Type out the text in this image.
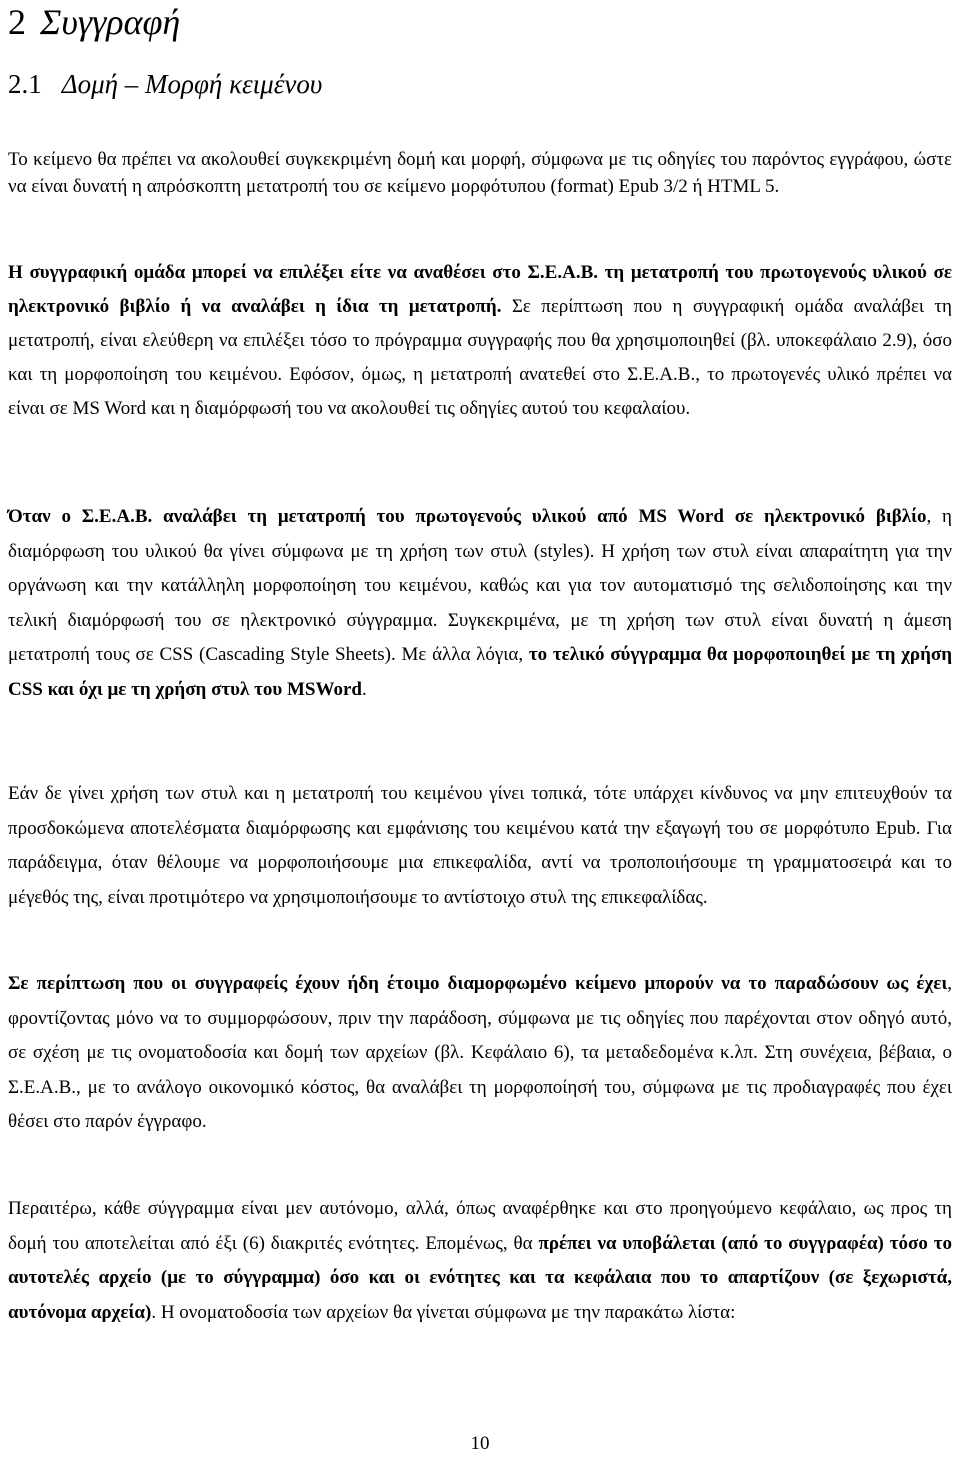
2 Συγγραφή
2.1 Δομή – Μορφή κειμένου

Το κείμενο θα πρέπει να ακολουθεί συγκεκριμένη δομή και μορφή, σύμφωνα με τις οδηγίες του παρόντος εγγράφου, ώστε να είναι δυνατή η απρόσκοπτη μετατροπή του σε κείμενο μορφότυπου (format) Epub 3/2 ή HTML 5.

Η συγγραφική ομάδα μπορεί να επιλέξει είτε να αναθέσει στο Σ.Ε.Α.Β. τη μετατροπή του πρωτογενούς υλικού σε ηλεκτρονικό βιβλίο ή να αναλάβει η ίδια τη μετατροπή. Σε περίπτωση που η συγγραφική ομάδα αναλάβει τη μετατροπή, είναι ελεύθερη να επιλέξει τόσο το πρόγραμμα συγγραφής που θα χρησιμοποιηθεί (βλ. υποκεφάλαιο 2.9), όσο και τη μορφοποίηση του κειμένου. Εφόσον, όμως, η μετατροπή ανατεθεί στο Σ.Ε.Α.Β., το πρωτογενές υλικό πρέπει να είναι σε MS Word και η διαμόρφωσή του να ακολουθεί τις οδηγίες αυτού του κεφαλαίου.

Όταν ο Σ.Ε.Α.Β. αναλάβει τη μετατροπή του πρωτογενούς υλικού από MS Word σε ηλεκτρονικό βιβλίο, η διαμόρφωση του υλικού θα γίνει σύμφωνα με τη χρήση των στυλ (styles). Η χρήση των στυλ είναι απαραίτητη για την οργάνωση και την κατάλληλη μορφοποίηση του κειμένου, καθώς και για τον αυτοματισμό της σελιδοποίησης και την τελική διαμόρφωσή του σε ηλεκτρονικό σύγγραμμα. Συγκεκριμένα, με τη χρήση των στυλ είναι δυνατή η άμεση μετατροπή τους σε CSS (Cascading Style Sheets). Με άλλα λόγια, το τελικό σύγγραμμα θα μορφοποιηθεί με τη χρήση CSS και όχι με τη χρήση στυλ του MSWord.

Εάν δε γίνει χρήση των στυλ και η μετατροπή του κειμένου γίνει τοπικά, τότε υπάρχει κίνδυνος να μην επιτευχθούν τα προσδοκώμενα αποτελέσματα διαμόρφωσης και εμφάνισης του κειμένου κατά την εξαγωγή του σε μορφότυπο Epub. Για παράδειγμα, όταν θέλουμε να μορφοποιήσουμε μια επικεφαλίδα, αντί να τροποποιήσουμε τη γραμματοσειρά και το μέγεθός της, είναι προτιμότερο να χρησιμοποιήσουμε το αντίστοιχο στυλ της επικεφαλίδας.

Σε περίπτωση που οι συγγραφείς έχουν ήδη έτοιμο διαμορφωμένο κείμενο μπορούν να το παραδώσουν ως έχει, φροντίζοντας μόνο να το συμμορφώσουν, πριν την παράδοση, σύμφωνα με τις οδηγίες που παρέχονται στον οδηγό αυτό, σε σχέση με τις ονοματοδοσία και δομή των αρχείων (βλ. Κεφάλαιο 6), τα μεταδεδομένα κ.λπ. Στη συνέχεια, βέβαια, ο Σ.Ε.Α.Β., με το ανάλογο οικονομικό κόστος, θα αναλάβει τη μορφοποίησή του, σύμφωνα με τις προδιαγραφές που έχει θέσει στο παρόν έγγραφο.

Περαιτέρω, κάθε σύγγραμμα είναι μεν αυτόνομο, αλλά, όπως αναφέρθηκε και στο προηγούμενο κεφάλαιο, ως προς τη δομή του αποτελείται από έξι (6) διακριτές ενότητες. Επομένως, θα πρέπει να υποβάλεται (από το συγγραφέα) τόσο το αυτοτελές αρχείο (με το σύγγραμμα) όσο και οι ενότητες και τα κεφάλαια που το απαρτίζουν (σε ξεχωριστά, αυτόνομα αρχεία). Η ονοματοδοσία των αρχείων θα γίνεται σύμφωνα με την παρακάτω λίστα:

10
